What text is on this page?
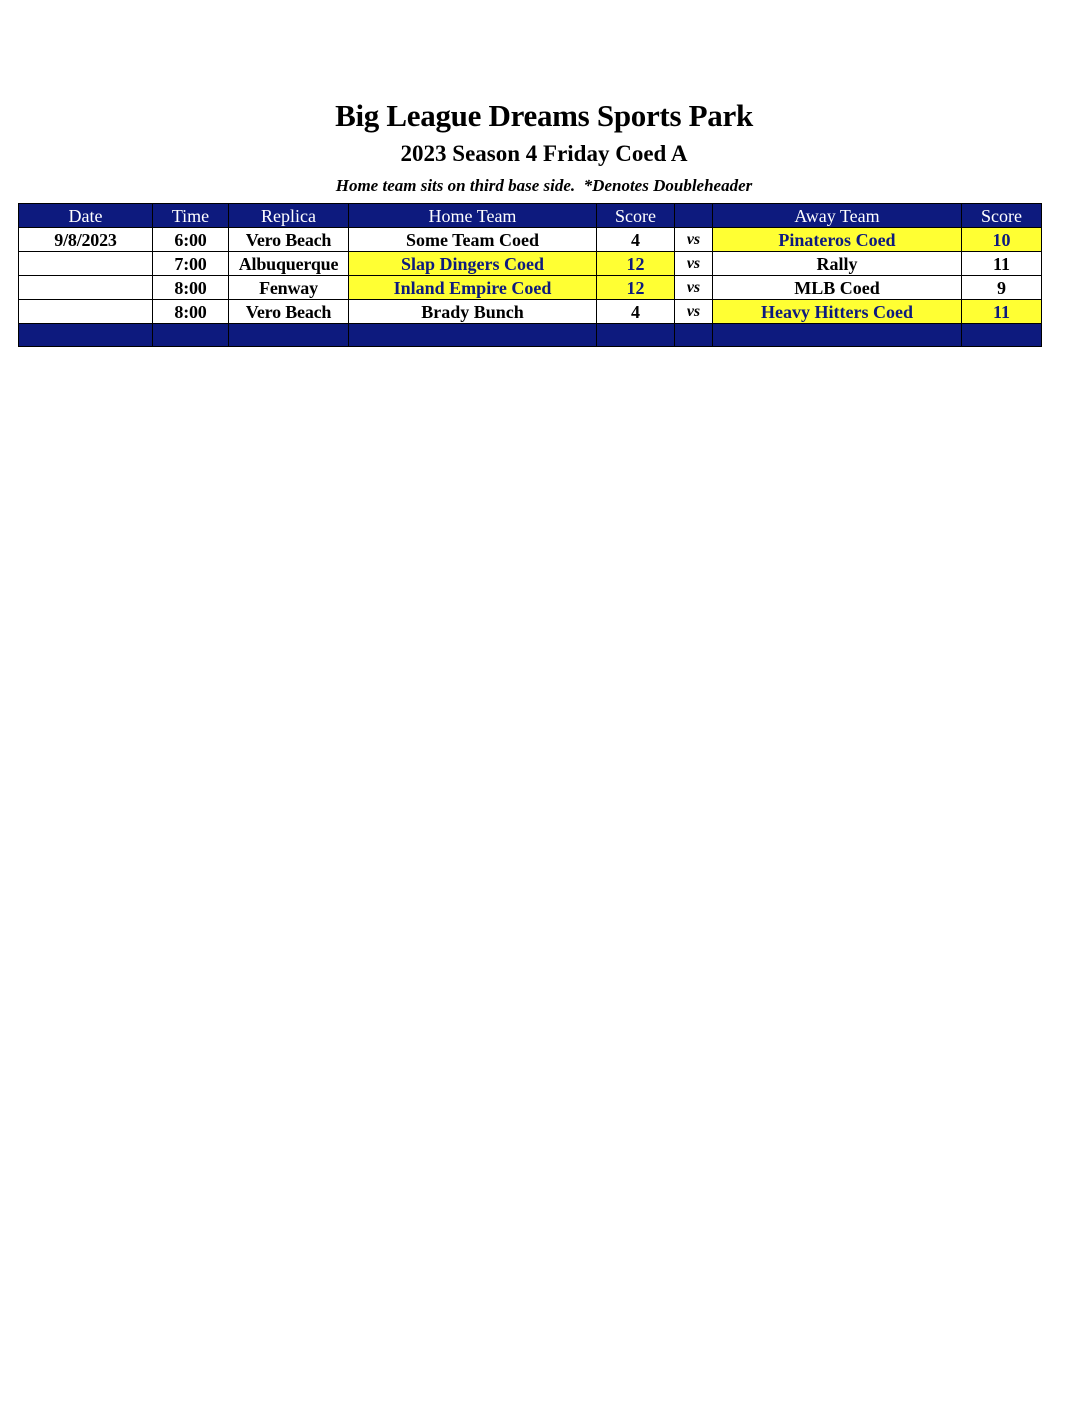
Big League Dreams Sports Park
2023 Season 4 Friday Coed A
Home team sits on third base side. *Denotes Doubleheader
Date	Time	Replica	Home Team	Score		Away Team	Score
9/8/2023	6:00	Vero Beach	Some Team Coed	4	vs	Pinateros Coed	10
	7:00	Albuquerque	Slap Dingers Coed	12	vs	Rally	11
	8:00	Fenway	Inland Empire Coed	12	vs	MLB Coed	9
	8:00	Vero Beach	Brady Bunch	4	vs	Heavy Hitters Coed	11
